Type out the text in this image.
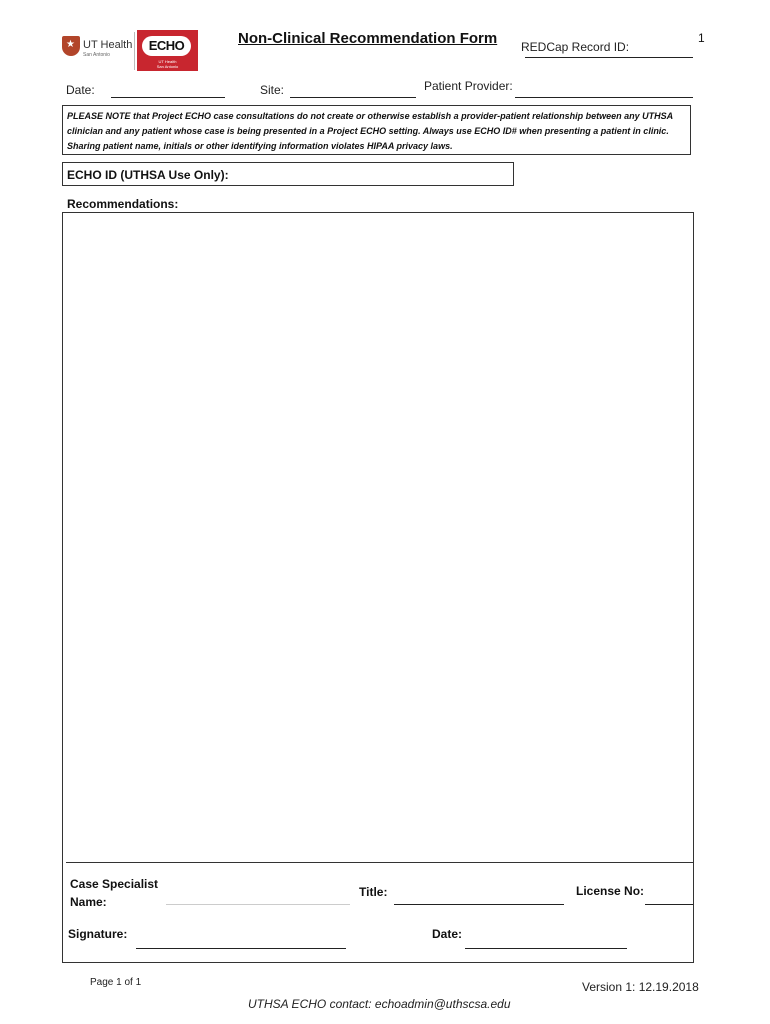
★ UT Health
San Antonio
ECHO
UT Health
San Antonio
Non-Clinical Recommendation Form REDCap Record ID:
1
Date:	Site:	Patient Provider:
PLEASE NOTE that Project ECHO case consultations do not create or otherwise establish a provider-patient relationship between any UTHSA clinician and any patient whose case is being presented in a Project ECHO setting. Always use ECHO ID# when presenting a patient in clinic. Sharing patient name, initials or other identifying information violates HIPAA privacy laws.
ECHO ID (UTHSA Use Only):
Recommendations:
Case Specialist
Name:
Title:	License No:
Signature:	Date:
Page 1 of 1	Version 1: 12.19.2018
UTHSA ECHO contact: echoadmin@uthscsa.edu
